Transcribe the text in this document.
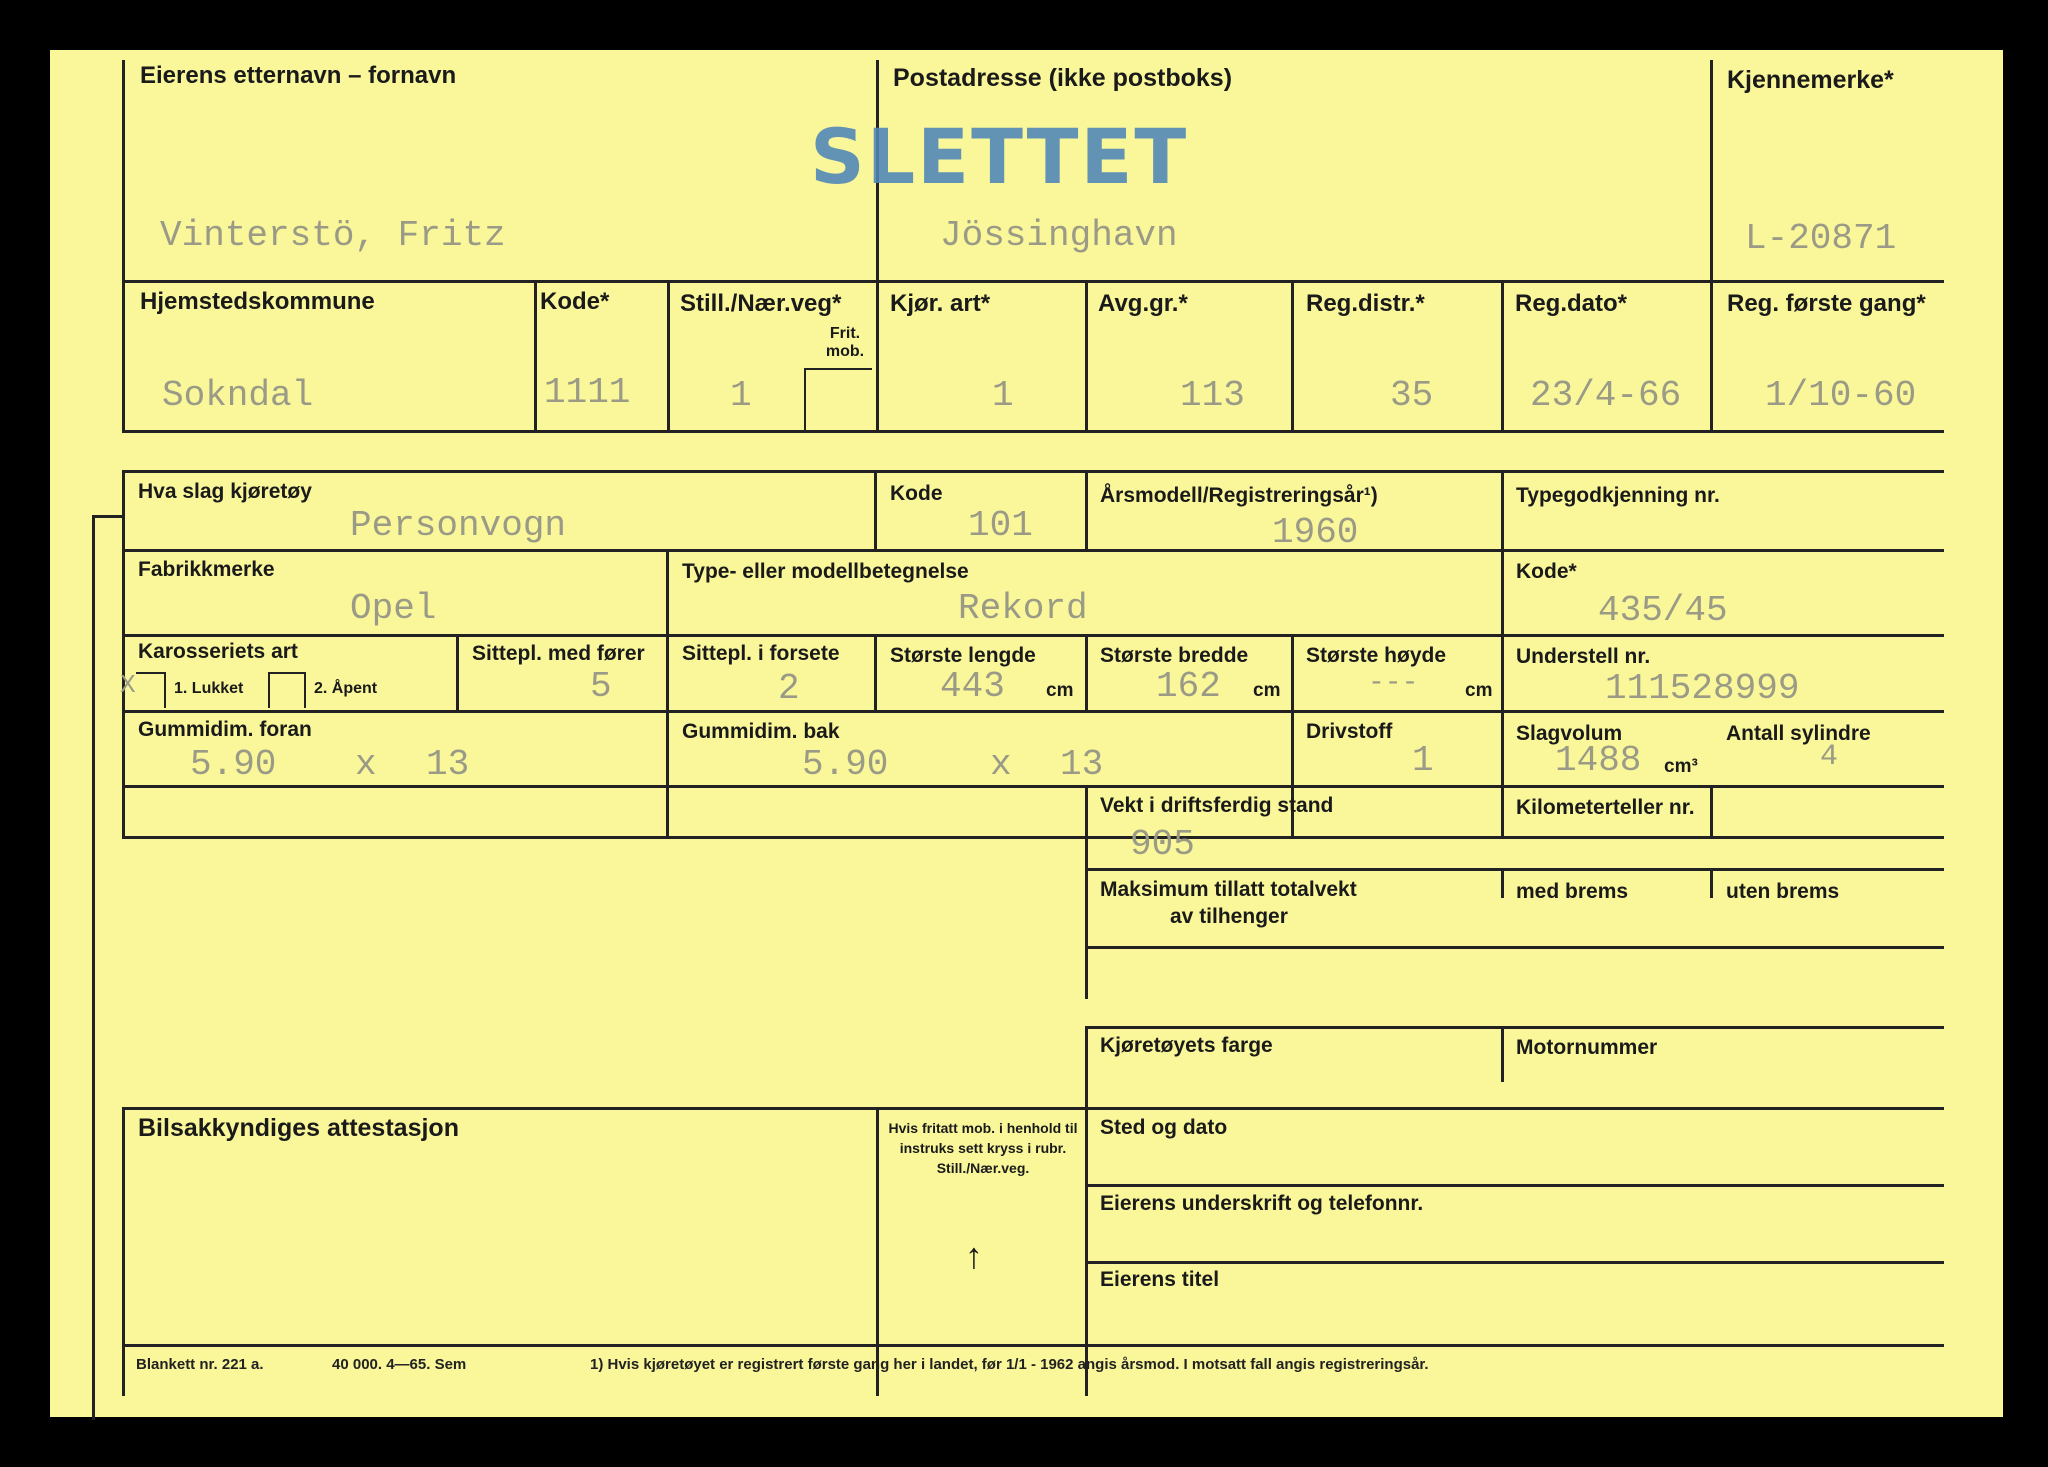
Eierens etternavn – fornavn
Vinterstö, Fritz
Postadresse (ikke postboks)
SLETTET
Jössinghavn
Kjennemerke*
L-20871
Hjemstedskommune
Sokndal
Kode*
1111
Still./Nær.veg*
1
Frit. mob.
Kjør. art*
1
Avg.gr.*
113
Reg.distr.*
35
Reg.dato*
23/4-66
Reg. første gang*
1/10-60
Hva slag kjøretøy
Personvogn
Kode
101
Årsmodell/Registreringsår¹)
1960
Typegodkjenning nr.
Fabrikkmerke
Opel
Type- eller modellbetegnelse
Rekord
Kode*
435/45
Karosseriets art
X 1. Lukket	2. Åpent
Sittepl. med fører
5
Sittepl. i forsete
2
Største lengde
443 cm
Største bredde
162 cm
Største høyde
--- cm
Understell nr.
111528999
Gummidim. foran
5.90 x 13
Gummidim. bak
5.90	x 13
Drivstoff
1
Slagvolum
1488 cm³
Antall sylindre
4
Vekt i driftsferdig stand
905
Kilometerteller nr.
Maksimum tillatt totalvekt
av tilhenger
med brems	uten brems
Kjøretøyets farge	Motornummer
Bilsakkyndiges attestasjon	Hvis fritatt mob. i henhold til instruks sett kryss i rubr. Still./Nær.veg.
↑
Sted og dato
Eierens underskrift og telefonnr.
Eierens titel
Blankett nr. 221 a.	40 000. 4—65. Sem	1) Hvis kjøretøyet er registrert første gang her i landet, før 1/1 - 1962 angis årsmod. I motsatt fall angis registreringsår.
